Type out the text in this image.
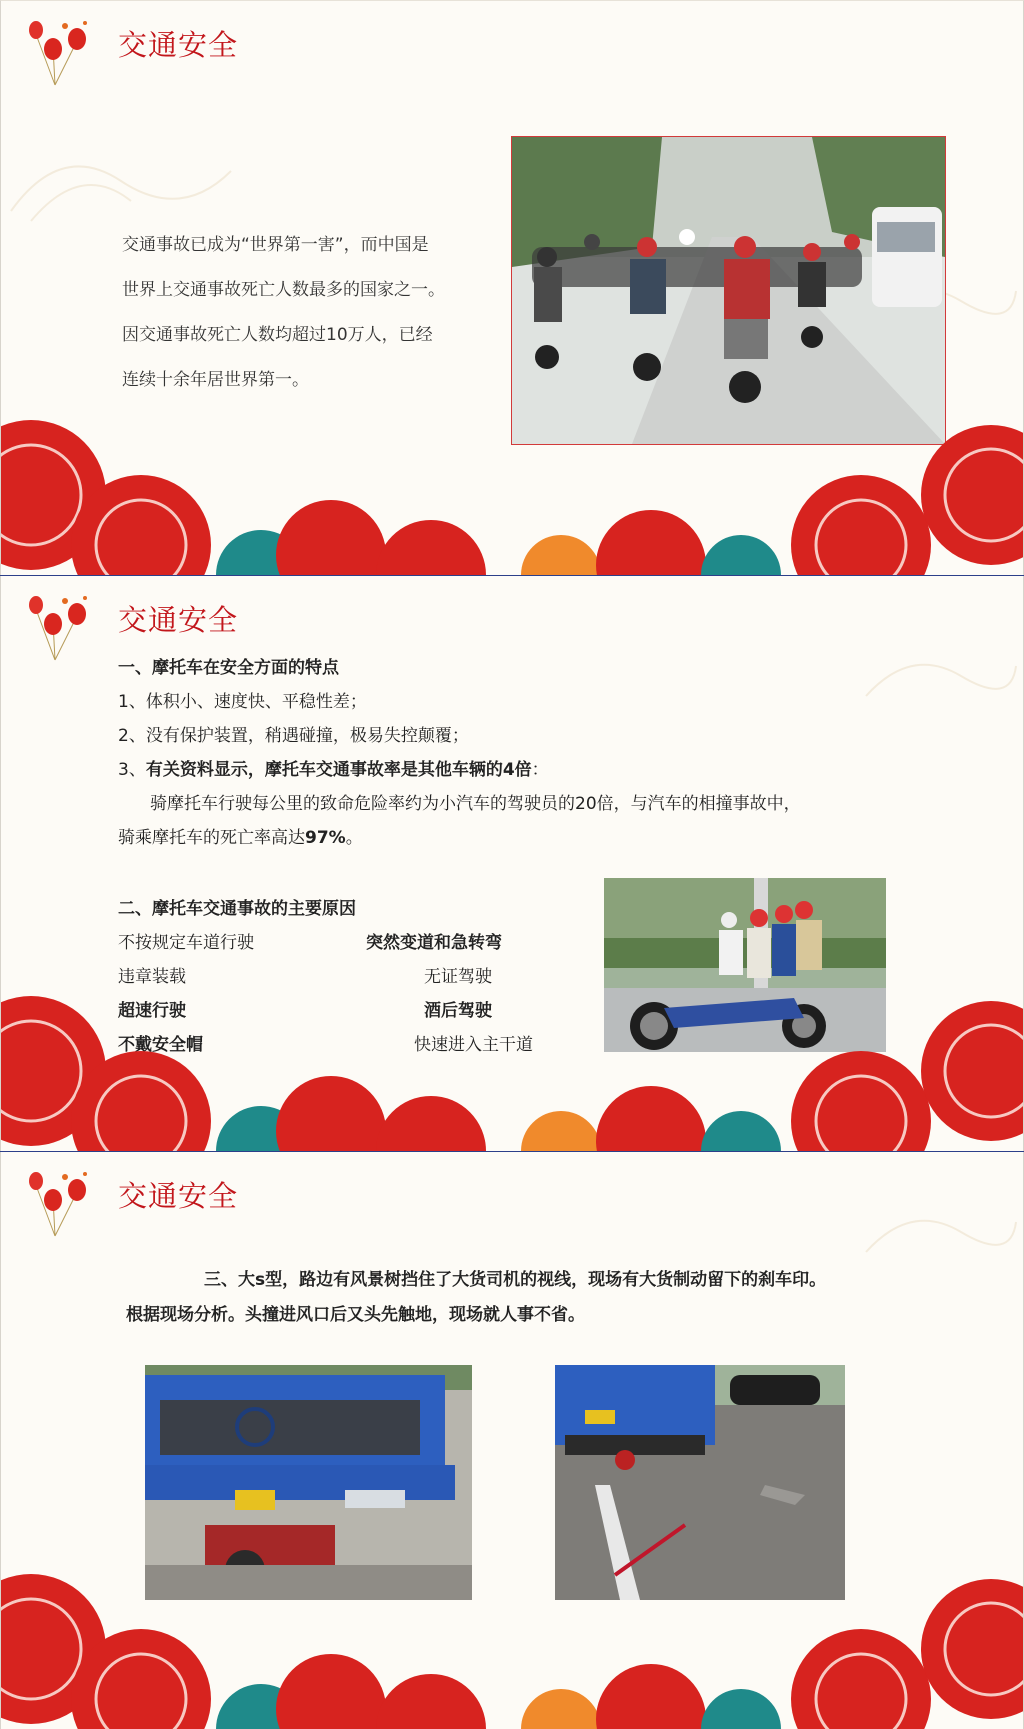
交通安全
交通事故已成为“世界第一害”，而中国是
世界上交通事故死亡人数最多的国家之一。
因交通事故死亡人数均超过10万人，已经
连续十余年居世界第一。
交通安全
一、摩托车在安全方面的特点
1、体积小、速度快、平稳性差；
2、没有保护装置，稍遇碰撞，极易失控颠覆；
3、有关资料显示，摩托车交通事故率是其他车辆的4倍：
骑摩托车行驶每公里的致命危险率约为小汽车的驾驶员的20倍，与汽车的相撞事故中，
骑乘摩托车的死亡率高达97%。
二、摩托车交通事故的主要原因
不按规定车道行驶	突然变道和急转弯
违章装载	无证驾驶
超速行驶	酒后驾驶
不戴安全帽	快速进入主干道
交通安全
三、大s型，路边有风景树挡住了大货司机的视线，现场有大货制动留下的刹车印。
根据现场分析。头撞进风口后又头先触地，现场就人事不省。
